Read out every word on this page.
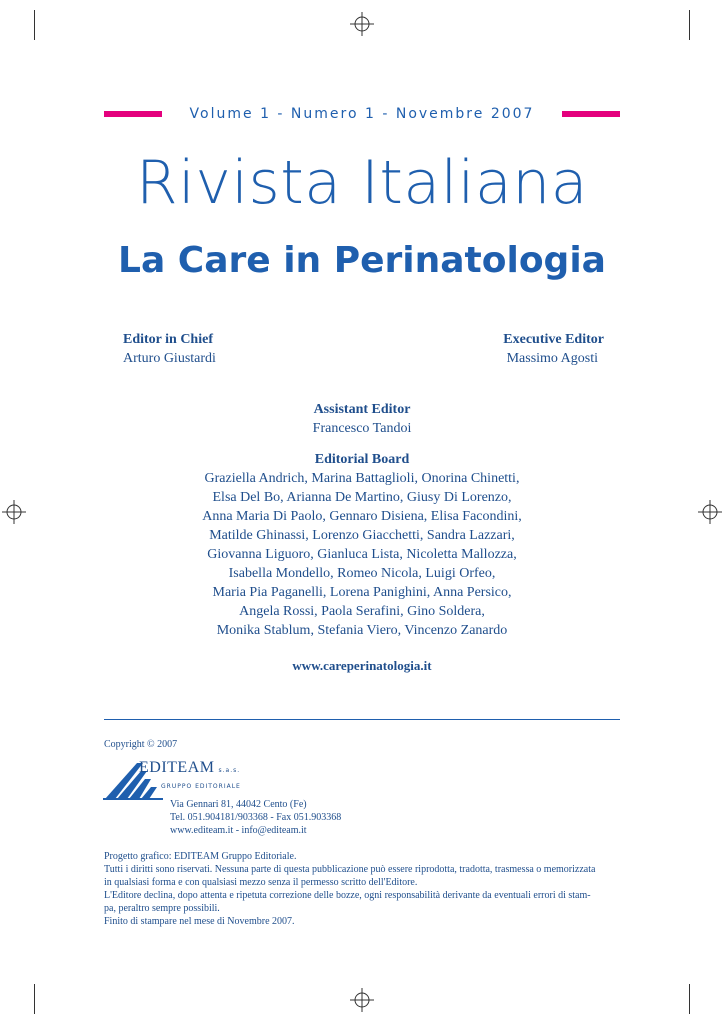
Volume 1 - Numero 1 - Novembre 2007
Rivista Italiana
La Care in Perinatologia
Editor in Chief
Arturo Giustardi
Executive Editor
Massimo Agosti
Assistant Editor
Francesco Tandoi
Editorial Board
Graziella Andrich, Marina Battaglioli, Onorina Chinetti,
Elsa Del Bo, Arianna De Martino, Giusy Di Lorenzo,
Anna Maria Di Paolo, Gennaro Disiena, Elisa Facondini,
Matilde Ghinassi, Lorenzo Giacchetti, Sandra Lazzari,
Giovanna Liguoro, Gianluca Lista, Nicoletta Mallozza,
Isabella Mondello, Romeo Nicola, Luigi Orfeo,
Maria Pia Paganelli, Lorena Panighini, Anna Persico,
Angela Rossi, Paola Serafini, Gino Soldera,
Monika Stablum, Stefania Viero, Vincenzo Zanardo
www.careperinatologia.it
Copyright © 2007
EDITEAM s.a.s.
GRUPPO EDITORIALE
Via Gennari 81, 44042 Cento (Fe)
Tel. 051.904181/903368 - Fax 051.903368
www.editeam.it - info@editeam.it
Progetto grafico: EDITEAM Gruppo Editoriale.
Tutti i diritti sono riservati. Nessuna parte di questa pubblicazione può essere riprodotta, tradotta, trasmessa o memorizzata
in qualsiasi forma e con qualsiasi mezzo senza il permesso scritto dell'Editore.
L'Editore declina, dopo attenta e ripetuta correzione delle bozze, ogni responsabilità derivante da eventuali errori di stam-
pa, peraltro sempre possibili.
Finito di stampare nel mese di Novembre 2007.
